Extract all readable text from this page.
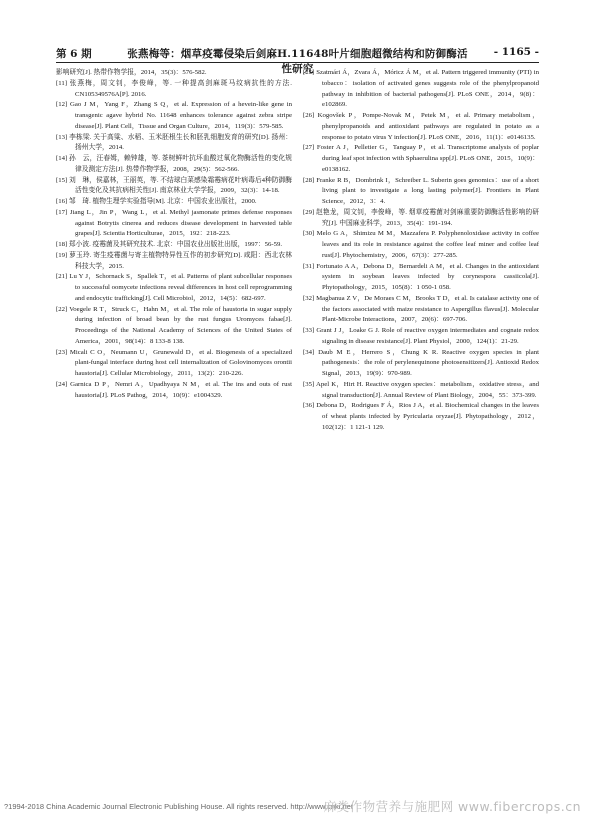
第 6 期	张燕梅等：烟草疫霉侵染后剑麻H.11648叶片细胞超微结构和防御酶活性研究
- 1165 -

影响研究[J]. 热带作物学报，2014，35(3)：576-582.

[11] 张燕梅，周文钊，李俊峰，等. 一种提高剑麻斑马纹病抗性的方法. CN105349576A[P]. 2016.

[12] Gao J M，Yang F，Zhang S Q，et al. Expression of a hevein-like gene in transgenic agave hybrid No. 11648 enhances tolerance against zebra stripe disease[J]. Plant Cell，Tissue and Organ Culture，2014，119(3)：579-585.

[13] 李栋梁. 关于高粱、水稻、玉米胚根生长和胚乳细胞发育的研究[D]. 扬州：扬州大学，2014.

[14] 孙　云，汪春姆，赖钟雄，等. 茶树鲜叶抗坏血酸过氧化物酶活性的变化规律及测定方法[J]. 热带作物学报，2008，29(5)：562-566.

[15] 刘　琳，侯嘉林，王丽英，等. 不结球白菜感染霜霉病花叶病毒后4种防御酶活性变化及其抗病相关性[J]. 南京林业大学学报，2009，32(3)：14-18.

[16] 邹　琦. 植物生理学实验指导[M]. 北京：中国农业出版社，2000.

[17] Jiang L，Jin P，Wang L，et al. Methyl jasmonate primes defense responses against Botrytis cinerea and reduces disease development in harvested table grapes[J]. Scientia Horticulturae，2015，192：218-223.

[18] 郑小波. 疫霉菌及其研究技术. 北京：中国农业出版社出版，1997：56-59.

[19] 萝玉玲. 寄生疫霉菌与寄主植物特异性互作的初步研究[D]. 咸阳：西北农林科技大学，2015.

[21] Lu Y J，Schornack S，Spallek T，et al. Patterns of plant subcellular responses to successful oomycete infections reveal differences in host cell reprogramming and endocytic trafficking[J]. Cell Microbiol，2012，14(5)：682-697.

[22] Voegele R T，Struck C，Hahn M，et al. The role of haustoria in sugar supply during infection of broad bean by the rust fungus Uromyces fabae[J]. Proceedings of the National Academy of Sciences of the United States of America，2001，98(14)：8 133-8 138.

[23] Micali C O，Neumann U，Grunewald D，et al. Biogenesis of a specialized plant-fungal interface during host cell internalization of Golovinomyces orontii haustoria[J]. Cellular Microbiology，2011，13(2)：210-226.

[24] Garnica D P，Nemri A，Upadhyaya N M，et al. The ins and outs of rust haustoria[J]. PLoS Pathog，2014，10(9)：e1004329.

[25] Szatmári Á，Zvara Á，Móricz Á M，et al. Pattern triggered immunity (PTI) in tobacco：isolation of activated genes suggests role of the phenylpropanoid pathway in inhibition of bacterial pathogens[J]. PLoS ONE，2014，9(8)：e102869.

[26] Kogovšek P，Pompe-Novak M，Petek M，et al. Primary metabolism，phenylpropanoids and antioxidant pathways are regulated in potato as a response to potato virus Y infection[J]. PLoS ONE，2016，11(1)：e0146135.

[27] Foster A J，Pelletier G，Tanguay P，et al. Transcriptome analysis of poplar during leaf spot infection with Sphaerulina spp[J]. PLoS ONE，2015，10(9)：e0138162.

[28] Franke R B，Dombrink I，Schreiber L. Suberin goes genomics：use of a short living plant to investigate a long lasting polymer[J]. Frontiers in Plant Science，2012，3：4.

[29] 赵艳龙，周文钊，李俊峰，等. 烟草疫霉菌对剑麻重要防御酶活性影响的研究[J]. 中国麻业科学，2013，35(4)：191-194.

[30] Melo G A，Shimizu M M，Mazzafera P. Polyphenoloxidase activity in coffee leaves and its role in resistance against the coffee leaf miner and coffee leaf rust[J]. Phytochemistry，2006，67(3)：277-285.

[31] Fortunato A A，Debona D，Bernardeli A M，et al. Changes in the antioxidant system in soybean leaves infected by corynespora cassiicola[J]. Phytopathology，2015，105(8)：1 050-1 058.

[32] Magbanua Z V，De Moraes C M，Brooks T D，et al. Is catalase activity one of the factors associated with maize resistance to Aspergillus flavus[J]. Molecular Plant-Microbe Interactions，2007，20(6)：697-706.

[33] Grant J J，Loake G J. Role of reactive oxygen intermediates and cognate redox signaling in disease resistance[J]. Plant Physiol，2000，124(1)：21-29.

[34] Daub M E，Herrero S，Chung K R. Reactive oxygen species in plant pathogenesis：the role of perylenequinone photosensitizers[J]. Antioxid Redox Signal，2013，19(9)：970-989.

[35] Apel K，Hirt H. Reactive oxygen species：metabolism，oxidative stress，and signal transduction[J]. Annual Review of Plant Biology，2004，55：373-399.

[36] Debona D，Rodrigues F Á，Rios J A，et al. Biochemical changes in the leaves of wheat plants infected by Pyricularia oryzae[J]. Phytopathology，2012，102(12)：1 121-1 129.

?1994-2018 China Academic Journal Electronic Publishing House. All rights reserved. http://www.cnki.net
麻类作物营养与施肥网 www.fibercrops.cn
